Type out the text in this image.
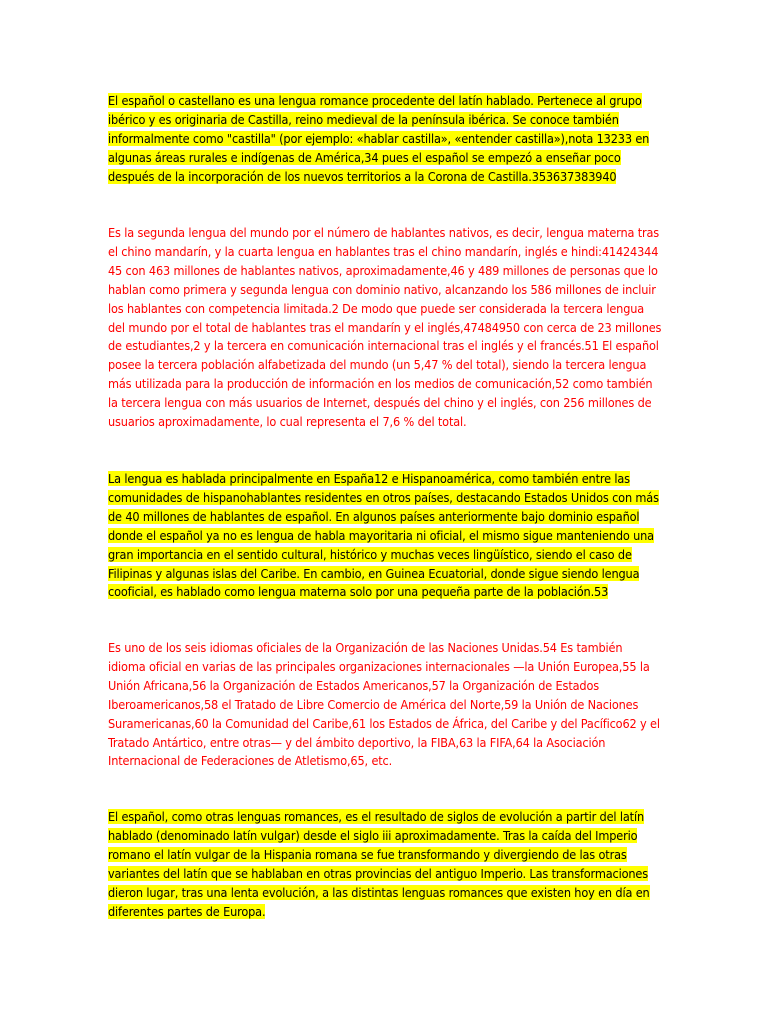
El español o castellano es una lengua romance procedente del latín hablado. Pertenece al grupo
ibérico y es originaria de Castilla, reino medieval de la península ibérica. Se conoce también
informalmente como "castilla" (por ejemplo: «hablar castilla», «entender castilla»),nota 13233 en
algunas áreas rurales e indígenas de América,34 pues el español se empezó a enseñar poco
después de la incorporación de los nuevos territorios a la Corona de Castilla.353637383940
Es la segunda lengua del mundo por el número de hablantes nativos, es decir, lengua materna tras
el chino mandarín, y la cuarta lengua en hablantes tras el chino mandarín, inglés e hindi:41424344
45 con 463 millones de hablantes nativos, aproximadamente,46 y 489 millones de personas que lo
hablan como primera y segunda lengua con dominio nativo, alcanzando los 586 millones de incluir
los hablantes con competencia limitada.2 De modo que puede ser considerada la tercera lengua
del mundo por el total de hablantes tras el mandarín y el inglés,47484950 con cerca de 23 millones
de estudiantes,2 y la tercera en comunicación internacional tras el inglés y el francés.51 El español
posee la tercera población alfabetizada del mundo (un 5,47 % del total), siendo la tercera lengua
más utilizada para la producción de información en los medios de comunicación,52 como también
la tercera lengua con más usuarios de Internet, después del chino y el inglés, con 256 millones de
usuarios aproximadamente, lo cual representa el 7,6 % del total.
La lengua es hablada principalmente en España12 e Hispanoamérica, como también entre las
comunidades de hispanohablantes residentes en otros países, destacando Estados Unidos con más
de 40 millones de hablantes de español. En algunos países anteriormente bajo dominio español
donde el español ya no es lengua de habla mayoritaria ni oficial, el mismo sigue manteniendo una
gran importancia en el sentido cultural, histórico y muchas veces lingüístico, siendo el caso de
Filipinas y algunas islas del Caribe. En cambio, en Guinea Ecuatorial, donde sigue siendo lengua
cooficial, es hablado como lengua materna solo por una pequeña parte de la población.53
Es uno de los seis idiomas oficiales de la Organización de las Naciones Unidas.54 Es también
idioma oficial en varias de las principales organizaciones internacionales —la Unión Europea,55 la
Unión Africana,56 la Organización de Estados Americanos,57 la Organización de Estados
Iberoamericanos,58 el Tratado de Libre Comercio de América del Norte,59 la Unión de Naciones
Suramericanas,60 la Comunidad del Caribe,61 los Estados de África, del Caribe y del Pacífico62 y el
Tratado Antártico, entre otras— y del ámbito deportivo, la FIBA,63 la FIFA,64 la Asociación
Internacional de Federaciones de Atletismo,65, etc.
El español, como otras lenguas romances, es el resultado de siglos de evolución a partir del latín
hablado (denominado latín vulgar) desde el siglo iii aproximadamente. Tras la caída del Imperio
romano el latín vulgar de la Hispania romana se fue transformando y divergiendo de las otras
variantes del latín que se hablaban en otras provincias del antiguo Imperio. Las transformaciones
dieron lugar, tras una lenta evolución, a las distintas lenguas romances que existen hoy en día en
diferentes partes de Europa.
